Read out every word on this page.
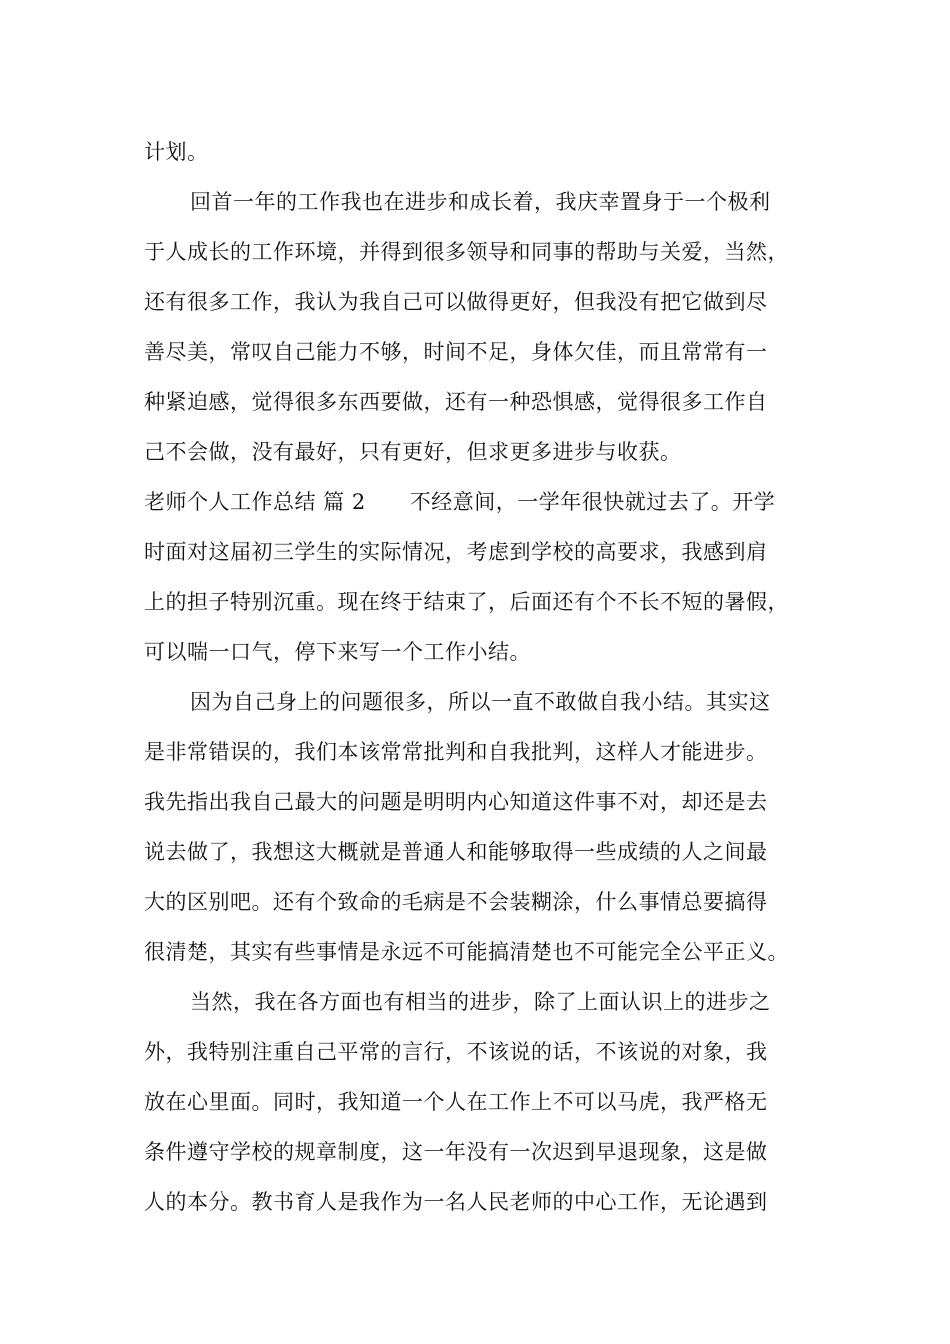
计划。
回首一年的工作我也在进步和成长着，我庆幸置身于一个极利
于人成长的工作环境，并得到很多领导和同事的帮助与关爱，当然，
还有很多工作，我认为我自己可以做得更好，但我没有把它做到尽
善尽美，常叹自己能力不够，时间不足，身体欠佳，而且常常有一
种紧迫感，觉得很多东西要做，还有一种恐惧感，觉得很多工作自
己不会做，没有最好，只有更好，但求更多进步与收获。
老师个人工作总结 篇 2 不经意间，一学年很快就过去了。开学
时面对这届初三学生的实际情况，考虑到学校的高要求，我感到肩
上的担子特别沉重。现在终于结束了，后面还有个不长不短的暑假，
可以喘一口气，停下来写一个工作小结。
因为自己身上的问题很多，所以一直不敢做自我小结。其实这
是非常错误的，我们本该常常批判和自我批判，这样人才能进步。
我先指出我自己最大的问题是明明内心知道这件事不对，却还是去
说去做了，我想这大概就是普通人和能够取得一些成绩的人之间最
大的区别吧。还有个致命的毛病是不会装糊涂，什么事情总要搞得
很清楚，其实有些事情是永远不可能搞清楚也不可能完全公平正义。
当然，我在各方面也有相当的进步，除了上面认识上的进步之
外，我特别注重自己平常的言行，不该说的话，不该说的对象，我
放在心里面。同时，我知道一个人在工作上不可以马虎，我严格无
条件遵守学校的规章制度，这一年没有一次迟到早退现象，这是做
人的本分。教书育人是我作为一名人民老师的中心工作，无论遇到
